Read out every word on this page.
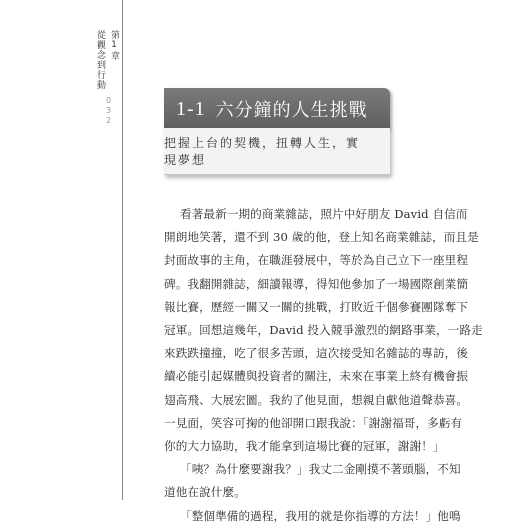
第1章
從觀念到行動
032	1-1 六分鐘的人生挑戰
把握上台的契機，扭轉人生，實現夢想
看著最新一期的商業雜誌，照片中好朋友 David 自信而
開朗地笑著，還不到 30 歲的他，登上知名商業雜誌，而且是
封面故事的主角，在職涯發展中，等於為自己立下一座里程
碑。我翻開雜誌，細讀報導，得知他參加了一場國際創業簡
報比賽，歷經一關又一關的挑戰，打敗近千個參賽團隊奪下
冠軍。回想這幾年，David 投入競爭激烈的網路事業，一路走
來跌跌撞撞，吃了很多苦頭，這次接受知名雜誌的專訪，後
續必能引起媒體與投資者的關注，未來在事業上終有機會振
翅高飛、大展宏圖。我約了他見面，想親自獻他道聲恭喜。
一見面，笑容可掬的他卻開口跟我說：「謝謝福哥，多虧有
你的大力協助，我才能拿到這場比賽的冠軍，謝謝！」
「咦？為什麼要謝我？」我丈二金剛摸不著頭腦，不知
道他在說什麼。
「整個準備的過程，我用的就是你指導的方法！」他鳴
